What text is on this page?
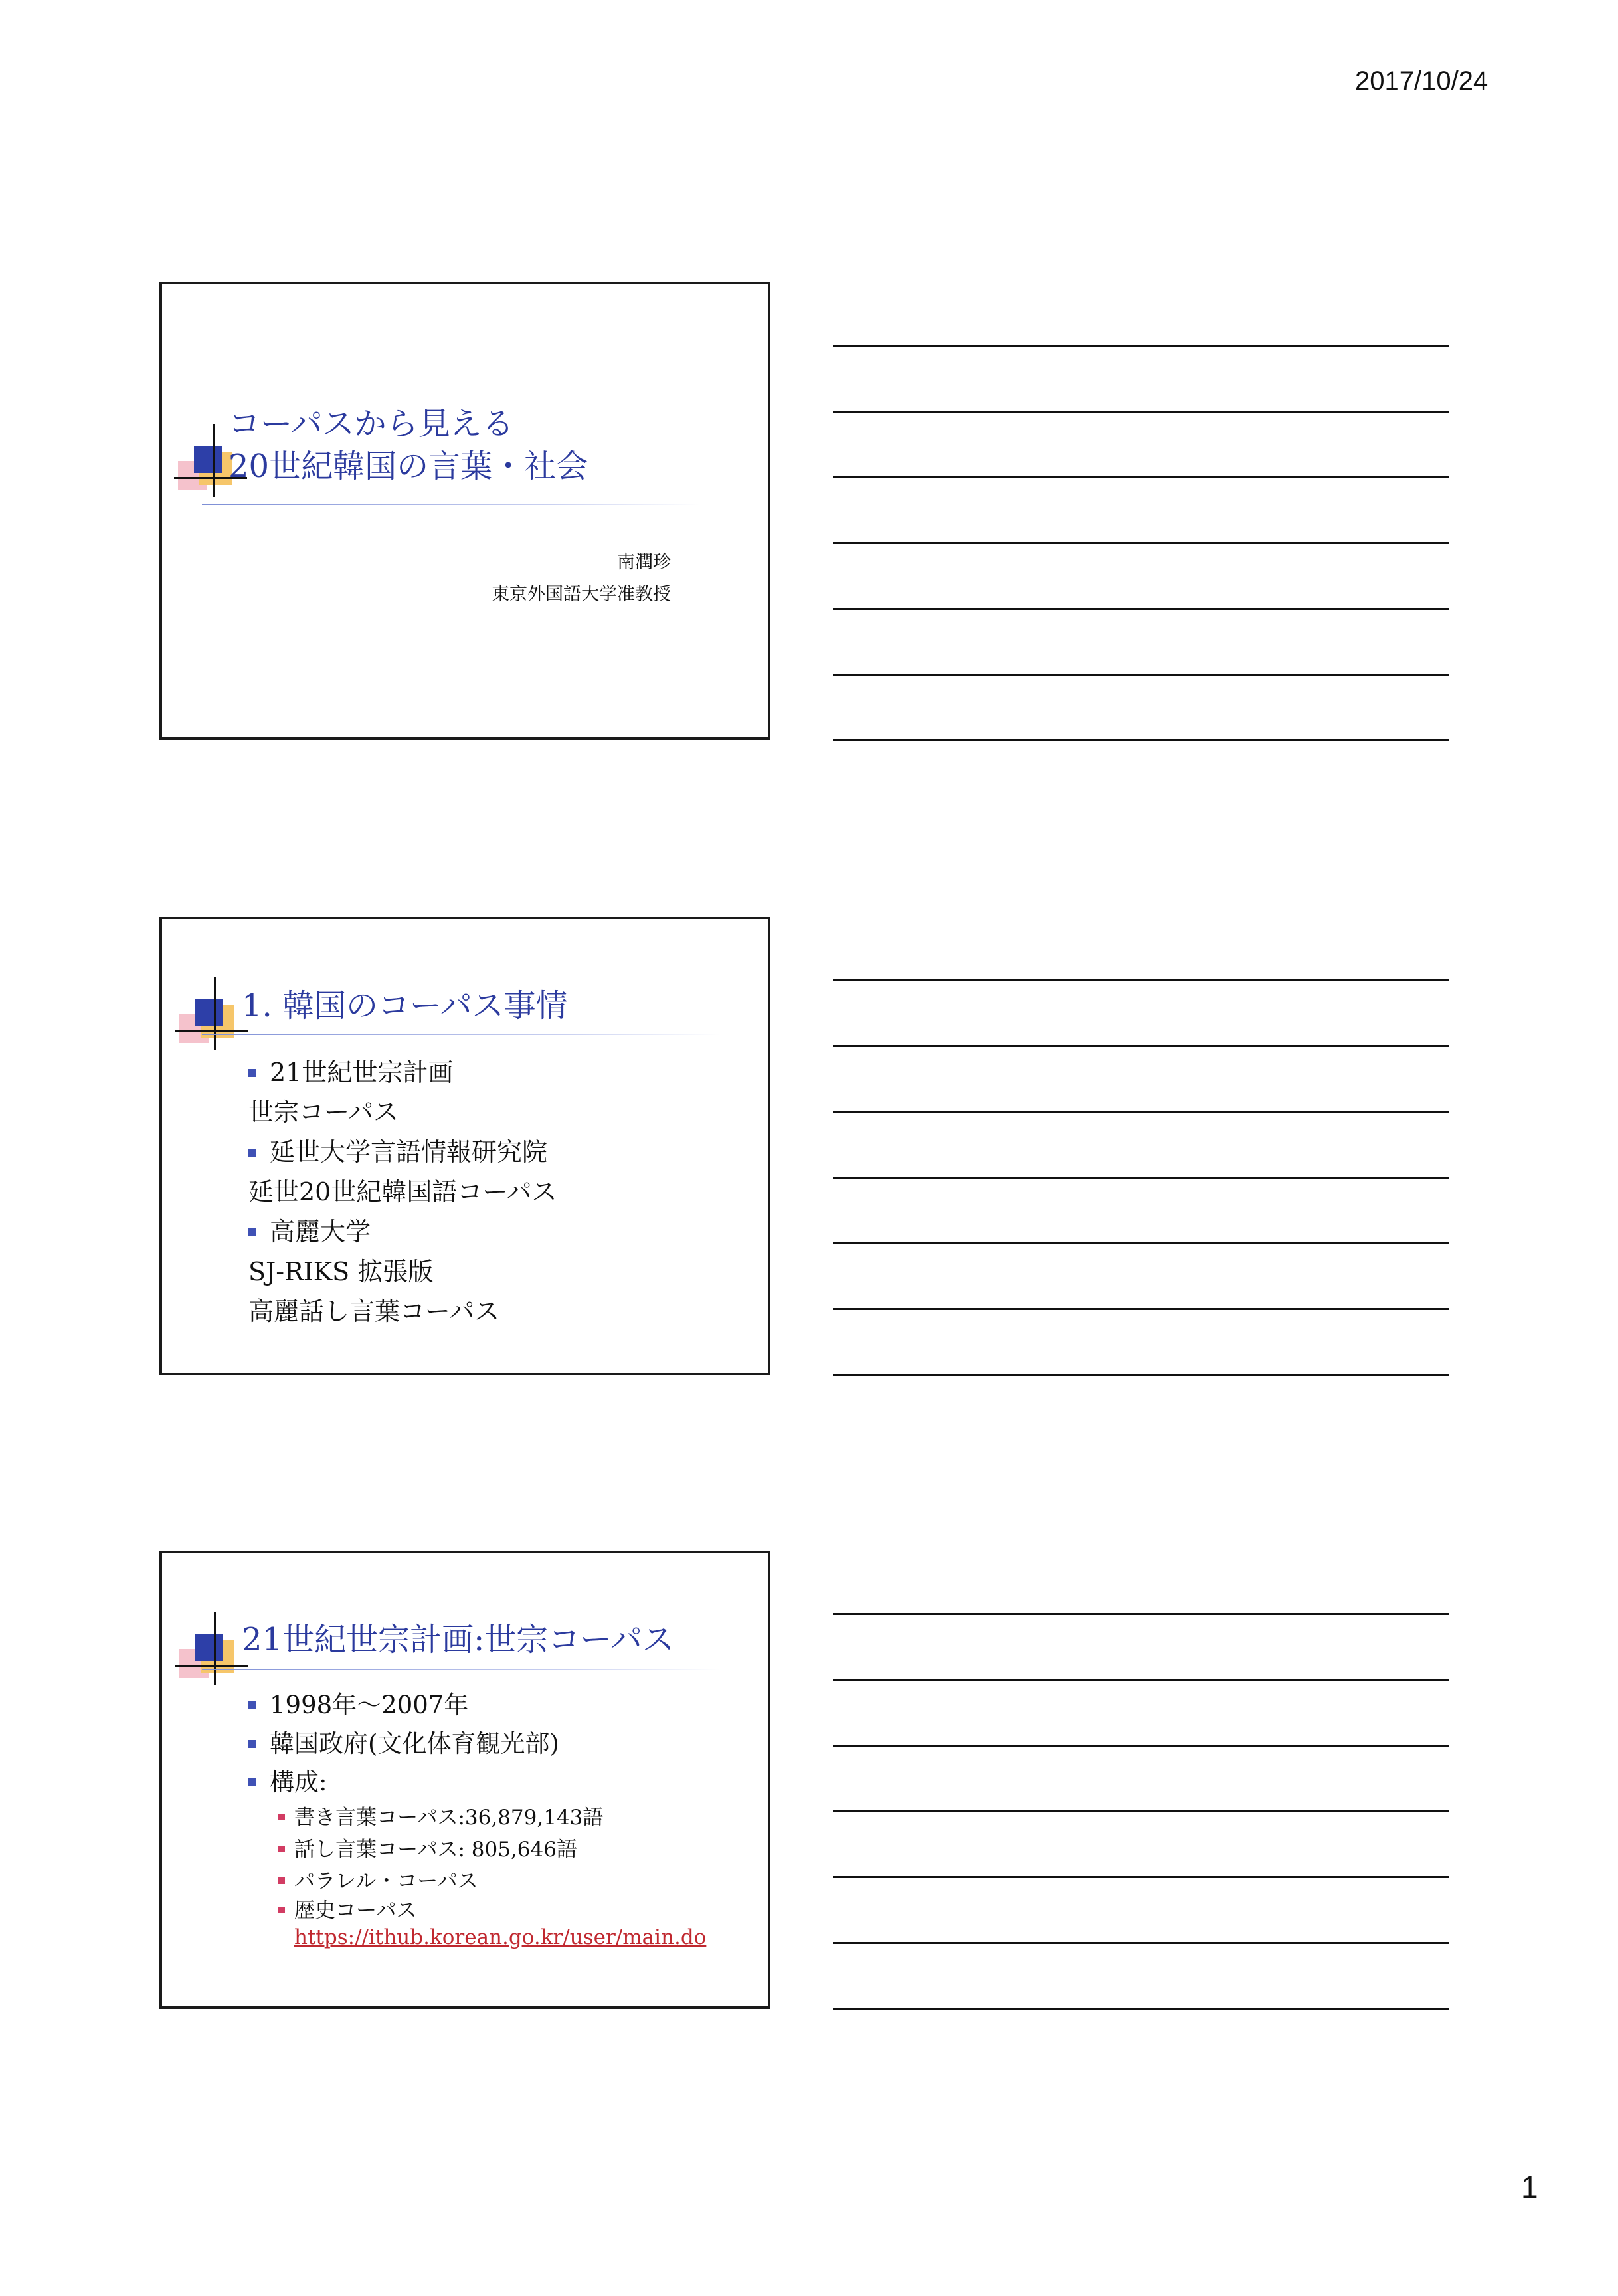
2017/10/24
コーパスから見える
20世紀韓国の言葉・社会
南潤珍
東京外国語大学准教授
1. 韓国のコーパス事情
21世紀世宗計画
世宗コーパス
延世大学言語情報研究院
延世20世紀韓国語コーパス
高麗大学
SJ-RIKS 拡張版
高麗話し言葉コーパス
21世紀世宗計画:世宗コーパス
1998年～2007年
韓国政府(文化体育観光部)
構成:
書き言葉コーパス:36,879,143語
話し言葉コーパス: 805,646語
パラレル・コーパス
歴史コーパス
https://ithub.korean.go.kr/user/main.do
1
